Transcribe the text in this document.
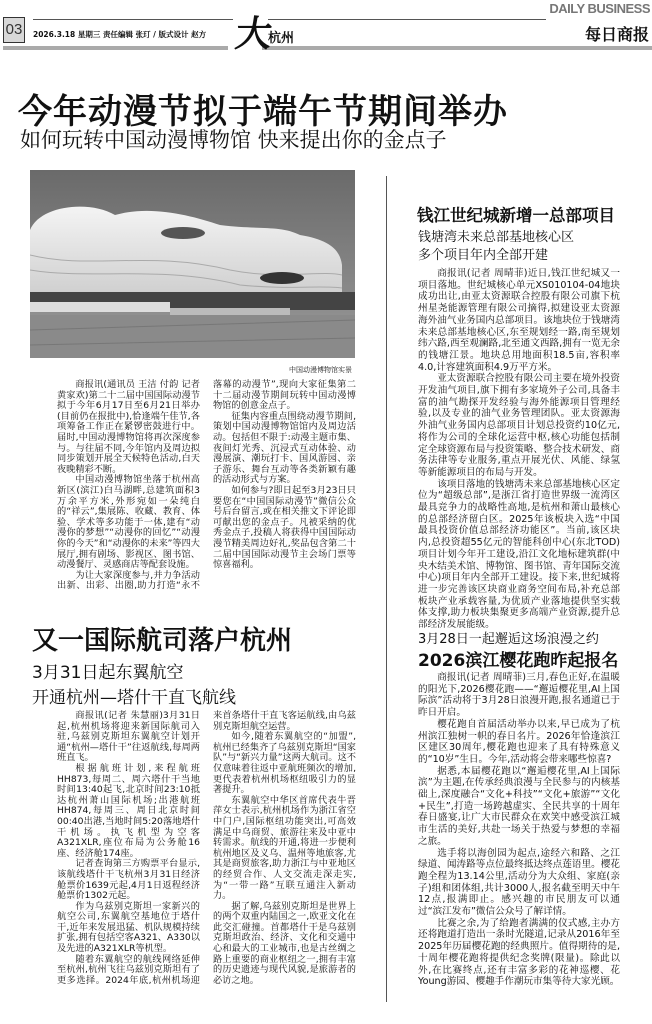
03	2026.3.18 星期三 责任编辑 张玎 / 版式设计 赵方 大
杭州
DAILY BUSINESS
每日商报
今年动漫节拟于端午节期间举办
如何玩转中国动漫博物馆 快来提出你的金点子
中国动漫博物馆实景

商报讯(通讯员 王洁 付韵 记者 黄家欢)第二十二届中国国际动漫节拟于今年6月17日至6月21日举办(目前仍在报批中),恰逢端午佳节,各项筹备工作正在紧锣密鼓进行中。届时,中国动漫博物馆将再次深度参与。与往届不同,今年馆内及周边拟同步策划开展全天候特色活动,白天夜晚精彩不断。

中国动漫博物馆坐落于杭州高新区(滨江)白马湖畔,总建筑面积3万余平方米,外形宛如一朵纯白的“祥云”,集展陈、收藏、教育、体验、学术等多功能于一体,建有“动漫你的梦想”“动漫你的回忆”“动漫你的今天”和“动漫你的未来”等四大展厅,拥有剧场、影视区、图书馆、动漫餐厅、灵感商店等配套设施。

为让大家深度参与,并力争活动出新、出彩、出圈,助力打造“永不落幕的动漫节”,现向大家征集第二十二届动漫节期间玩转中国动漫博物馆的创意金点子。

征集内容重点围绕动漫节期间,策划中国动漫博物馆馆内及周边活动。包括但不限于:动漫主题市集、夜间灯光秀、沉浸式互动体验、动漫展演、潮玩打卡、国风游园、亲子游乐、舞台互动等各类新颖有趣的活动形式与方案。

如何参与?即日起至3月23日只要您在“中国国际动漫节”微信公众号后台留言,或在相关推文下评论即可献出您的金点子。凡被采纳的优秀金点子,投稿人将获得中国国际动漫节精美周边好礼,奖品包含第二十二届中国国际动漫节主会场门票等惊喜福利。

又一国际航司落户杭州
3月31日起东翼航空
开通杭州—塔什干直飞航线

商报讯(记者 朱慧丽)3月31日起,杭州机场将迎来新国际航司入驻,乌兹别克斯坦东翼航空计划开通“杭州—塔什干”往返航线,每周两班直飞。

根据航班计划,来程航班HH873,每周二、周六塔什干当地时间13:40起飞,北京时间23:10抵达杭州萧山国际机场;出港航班HH874,每周三、周日北京时间00:40出港,当地时间5:20落地塔什干机场。执飞机型为空客A321XLR,座位布局为公务舱16座、经济舱174座。

记者查询第三方购票平台显示,该航线塔什干飞杭州3月31日经济舱票价1639元起,4月1日返程经济舱票价1302元起。

作为乌兹别克斯坦一家新兴的航空公司,东翼航空基地位于塔什干,近年来发展迅猛、机队规模持续扩张,拥有包括空客A321、A330以及先进的A321XLR等机型。

随着东翼航空的航线网络延伸至杭州,杭州飞往乌兹别克斯坦有了更多选择。2024年底,杭州机场迎来首条塔什干直飞客运航线,由乌兹别克斯坦航空运营。

如今,随着东翼航空的“加盟”,杭州已经集齐了乌兹别克斯坦“国家队”与“新兴力量”这两大航司。这不仅意味着往返中亚航班频次的增加,更代表着杭州机场枢纽吸引力的显著提升。

东翼航空中华区首席代表牛晋萍女士表示,杭州机场作为浙江省空中门户,国际枢纽功能突出,可高效满足中乌商贸、旅游往来及中亚中转需求。航线的开通,将进一步便利杭州地区及义乌、温州等地旅客,尤其是商贸旅客,助力浙江与中亚地区的经贸合作、人文交流走深走实,为“一带一路”互联互通注入新动力。

据了解,乌兹别克斯坦是世界上的两个双重内陆国之一,欧亚文化在此交汇碰撞。首都塔什干是乌兹别克斯坦政治、经济、文化和交通中心和最大的工业城市,也是古丝绸之路上重要的商业枢纽之一,拥有丰富的历史遗迹与现代风貌,是旅游者的必访之地。

钱江世纪城新增一总部项目
钱塘湾未来总部基地核心区
多个项目年内全部开建

商报讯(记者 周晴菲)近日,钱江世纪城又一项目落地。世纪城核心单元XS010104-04地块成功出让,由亚太资源联合控股有限公司旗下杭州星尧能源管理有限公司摘得,拟建设亚太资源海外油气业务国内总部项目。该地块位于钱塘湾未来总部基地核心区,东至规划经一路,南至规划纬六路,西至观澜路,北至通文西路,拥有一览无余的钱塘江景。地块总用地面积18.5亩,容积率4.0,计容建筑面积4.9万平方米。

亚太资源联合控股有限公司主要在境外投资开发油气项目,旗下拥有多家境外子公司,具备丰富的油气勘探开发经验与海外能源项目管理经验,以及专业的油气业务管理团队。亚太资源海外油气业务国内总部项目计划总投资约10亿元,将作为公司的全球化运营中枢,核心功能包括制定全球资源布局与投资策略、整合技术研发、商务法律等专业服务,重点开展光伏、风能、绿氢等新能源项目的布局与开发。

该项目落地的钱塘湾未来总部基地核心区定位为“超级总部”,是浙江省打造世界级一流湾区最具竞争力的战略性高地,是杭州和萧山最核心的总部经济留白区。2025年该板块入选“中国最具投资价值总部经济功能区”。当前,该区块内,总投资超55亿元的智能科创中心(东北TOD)项目计划今年开工建设,沿江文化地标建筑群(中央木结美术馆、博物馆、图书馆、青年国际交流中心)项目年内全部开工建设。接下来,世纪城将进一步完善该区块商业商务空间布局,补充总部板块产业承载容量,为优质产业落地提供坚实载体支撑,助力板块集聚更多高端产业资源,提升总部经济发展能级。

3月28日一起邂逅这场浪漫之约
2026滨江樱花跑昨起报名

商报讯(记者 周晴菲)三月,春色正好,在温暖的阳光下,2026樱花跑——“邂逅樱花里,AI上国际滨”活动将于3月28日浪漫开跑,报名通道已于昨日开启。

樱花跑自首届活动举办以来,早已成为了杭州滨江独树一帜的春日名片。2026年恰逢滨江区建区30周年,樱花跑也迎来了具有特殊意义的“10岁”生日。今年,活动将会带来哪些惊喜?

据悉,本届樱花跑以“邂逅樱花里,AI上国际滨”为主题,在传承经典浪漫与全民参与的内核基础上,深度融合“文化+科技”“文化+旅游”“文化+民生”,打造一场跨越虚实、全民共享的十周年春日盛宴,让广大市民群众在欢笑中感受滨江城市生活的美好,共赴一场关于热爱与梦想的幸福之旅。

选手将以海创园为起点,途经六和路、之江绿道、闻涛路等点位最终抵达终点莲语里。樱花跑全程为13.14公里,活动分为大众组、家庭(亲子)组和团体组,共计3000人,报名截至明天中午12点,报满即止。感兴趣的市民朋友可以通过“滨江发布”微信公众号了解详情。

比赛之余,为了给跑者满满的仪式感,主办方还将跑道打造出一条时光隧道,记录从2016年至2025年历届樱花跑的经典照片。值得期待的是,十周年樱花跑将提供纪念奖牌(限量)。除此以外,在比赛终点,还有丰富多彩的花神巡樱、花Young游园、樱趣手作潮玩市集等待大家光顾。
